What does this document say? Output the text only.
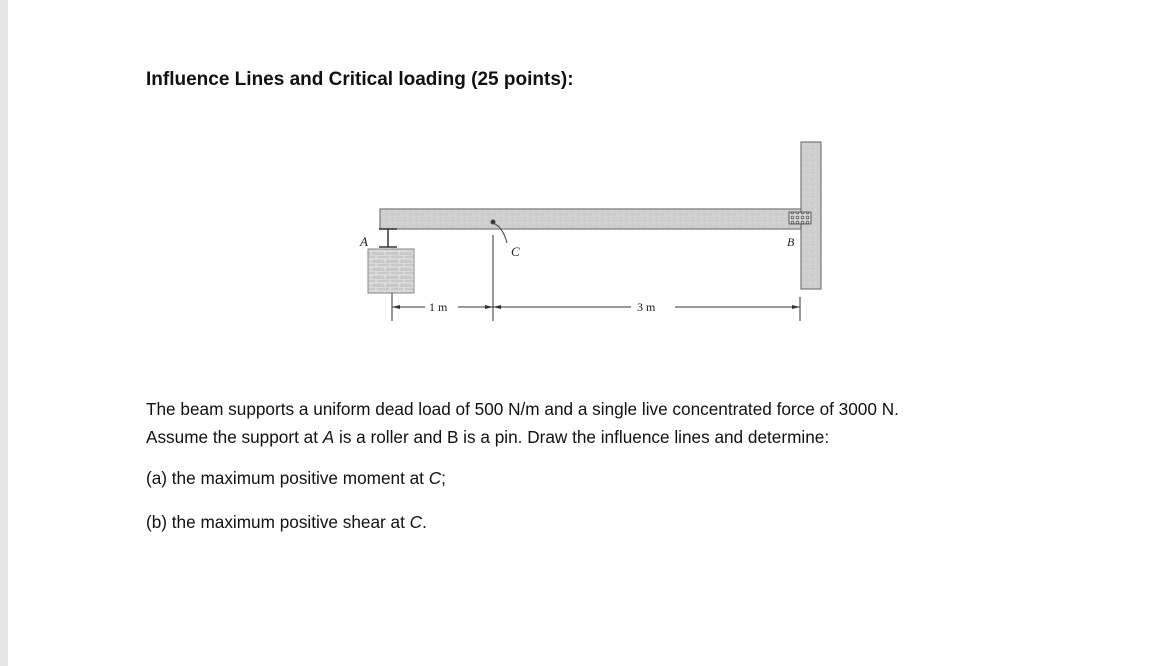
Influence Lines and Critical loading (25 points):
A
C
B
1 m	3 m

The beam supports a uniform dead load of 500 N/m and a single live concentrated force of 3000 N.
Assume the support at A is a roller and B is a pin. Draw the influence lines and determine:

(a) the maximum positive moment at C;

(b) the maximum positive shear at C.
